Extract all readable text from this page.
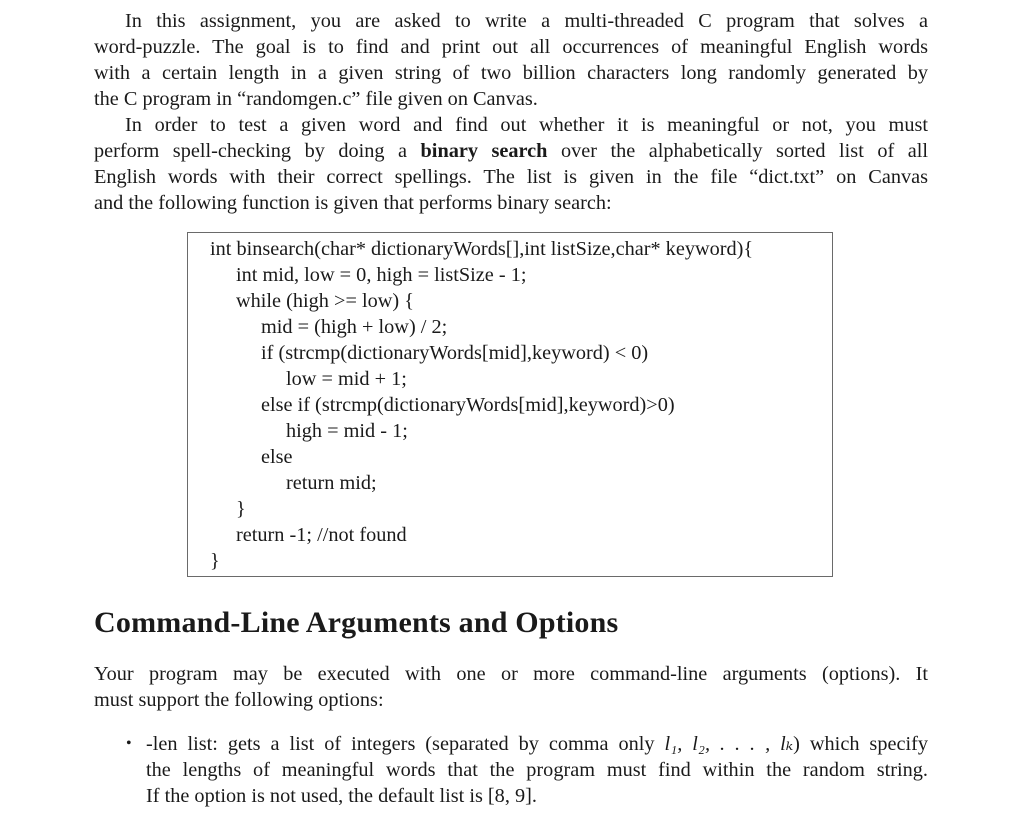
In this assignment, you are asked to write a multi-threaded C program that solves a
word-puzzle. The goal is to find and print out all occurrences of meaningful English words
with a certain length in a given string of two billion characters long randomly generated by
the C program in “randomgen.c” file given on Canvas.
In order to test a given word and find out whether it is meaningful or not, you must
perform spell-checking by doing a binary search over the alphabetically sorted list of all
English words with their correct spellings. The list is given in the file “dict.txt” on Canvas
and the following function is given that performs binary search:
int binsearch(char* dictionaryWords[],int listSize,char* keyword){
int mid, low = 0, high = listSize - 1;
while (high >= low) {
mid = (high + low) / 2;
if (strcmp(dictionaryWords[mid],keyword) < 0)
low = mid + 1;
else if (strcmp(dictionaryWords[mid],keyword)>0)
high = mid - 1;
else
return mid;
}
return -1; //not found
}
Command-Line Arguments and Options
Your program may be executed with one or more command-line arguments (options). It
must support the following options:
• -len list: gets a list of integers (separated by comma only l₁, l₂, . . . , lₖ) which specify
the lengths of meaningful words that the program must find within the random string.
If the option is not used, the default list is [8, 9].
